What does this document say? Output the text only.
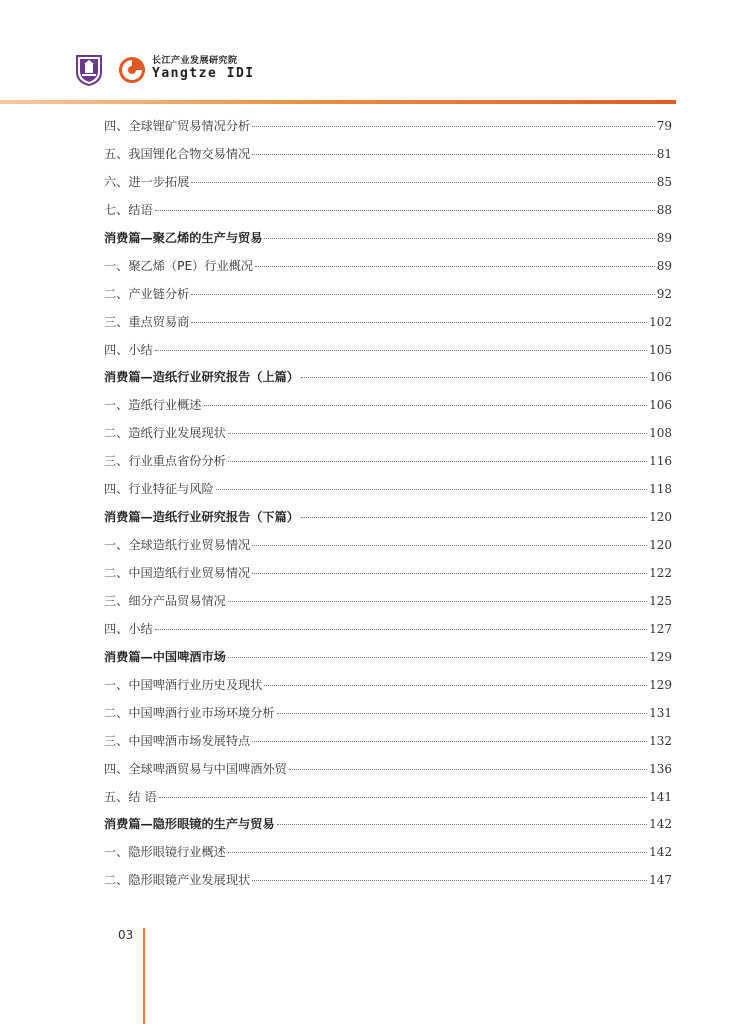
长江产业发展研究院
Yangtze IDI
四、全球锂矿贸易情况分析	79
五、我国锂化合物交易情况	81
六、进一步拓展	85
七、结语	88
消费篇—聚乙烯的生产与贸易	89
一、聚乙烯（PE）行业概况	89
二、产业链分析	92
三、重点贸易商	102
四、小结	105
消费篇—造纸行业研究报告（上篇）	106
一、造纸行业概述	106
二、造纸行业发展现状	108
三、行业重点省份分析	116
四、行业特征与风险	118
消费篇—造纸行业研究报告（下篇）	120
一、全球造纸行业贸易情况	120
二、中国造纸行业贸易情况	122
三、细分产品贸易情况	125
四、小结	127
消费篇—中国啤酒市场	129
一、中国啤酒行业历史及现状	129
二、中国啤酒行业市场环境分析	131
三、中国啤酒市场发展特点	132
四、全球啤酒贸易与中国啤酒外贸	136
五、结 语	141
消费篇—隐形眼镜的生产与贸易	142
一、隐形眼镜行业概述	142
二、隐形眼镜产业发展现状	147
03
